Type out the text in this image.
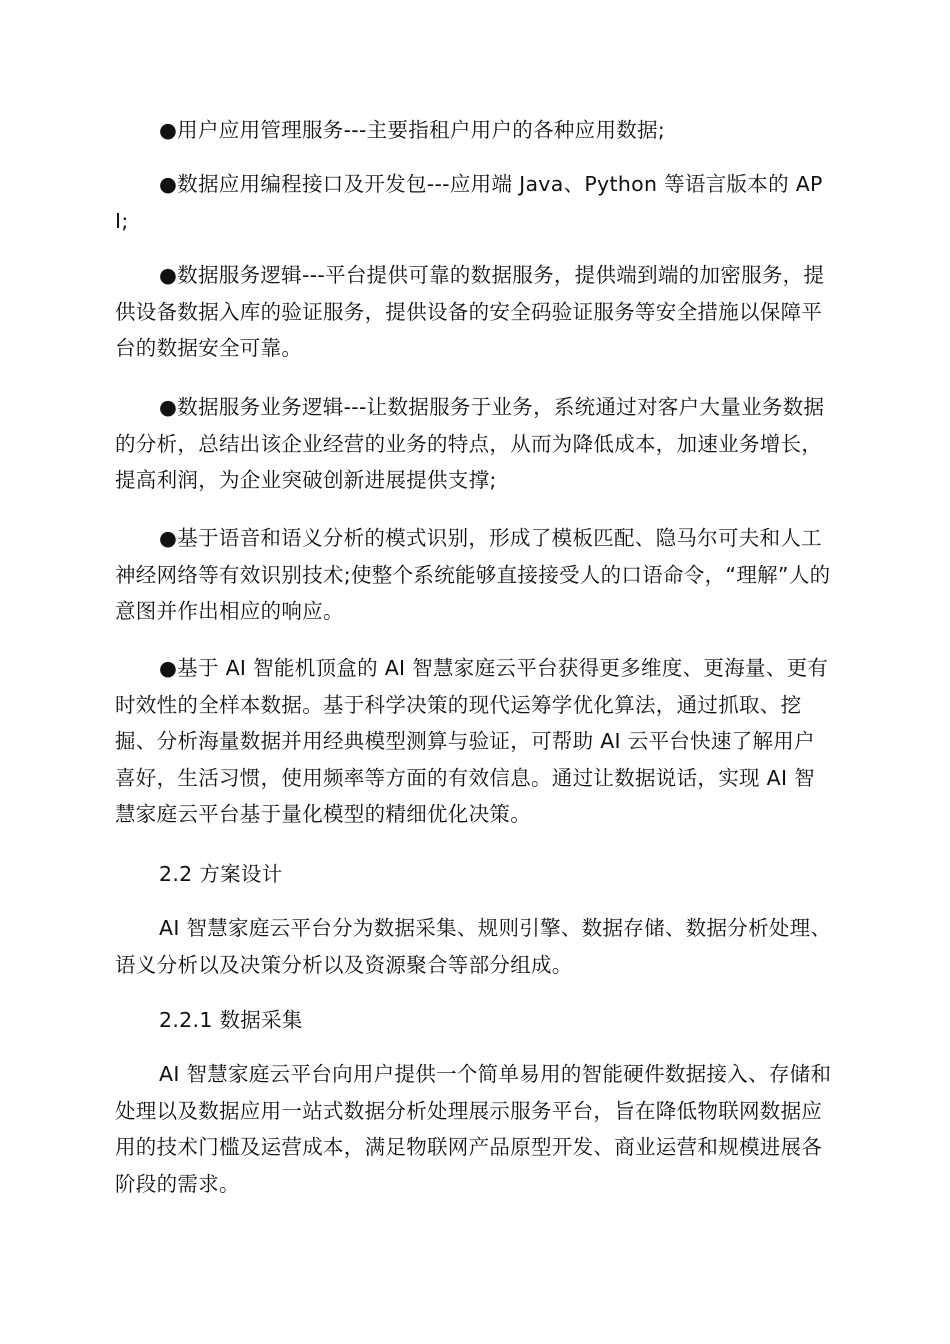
●用户应用管理服务---主要指租户用户的各种应用数据;

●数据应用编程接口及开发包---应用端 Java、Python 等语言版本的 API;

●数据服务逻辑---平台提供可靠的数据服务，提供端到端的加密服务，提供设备数据入库的验证服务，提供设备的安全码验证服务等安全措施以保障平台的数据安全可靠。

●数据服务业务逻辑---让数据服务于业务，系统通过对客户大量业务数据的分析，总结出该企业经营的业务的特点，从而为降低成本，加速业务增长，提高利润，为企业突破创新进展提供支撑;

●基于语音和语义分析的模式识别，形成了模板匹配、隐马尔可夫和人工神经网络等有效识别技术;使整个系统能够直接接受人的口语命令，“理解”人的意图并作出相应的响应。

●基于 AI 智能机顶盒的 AI 智慧家庭云平台获得更多维度、更海量、更有时效性的全样本数据。基于科学决策的现代运筹学优化算法，通过抓取、挖掘、分析海量数据并用经典模型测算与验证，可帮助 AI 云平台快速了解用户喜好，生活习惯，使用频率等方面的有效信息。通过让数据说话，实现 AI 智慧家庭云平台基于量化模型的精细优化决策。

2.2 方案设计

AI 智慧家庭云平台分为数据采集、规则引擎、数据存储、数据分析处理、语义分析以及决策分析以及资源聚合等部分组成。

2.2.1 数据采集

AI 智慧家庭云平台向用户提供一个简单易用的智能硬件数据接入、存储和处理以及数据应用一站式数据分析处理展示服务平台，旨在降低物联网数据应用的技术门槛及运营成本，满足物联网产品原型开发、商业运营和规模进展各阶段的需求。
